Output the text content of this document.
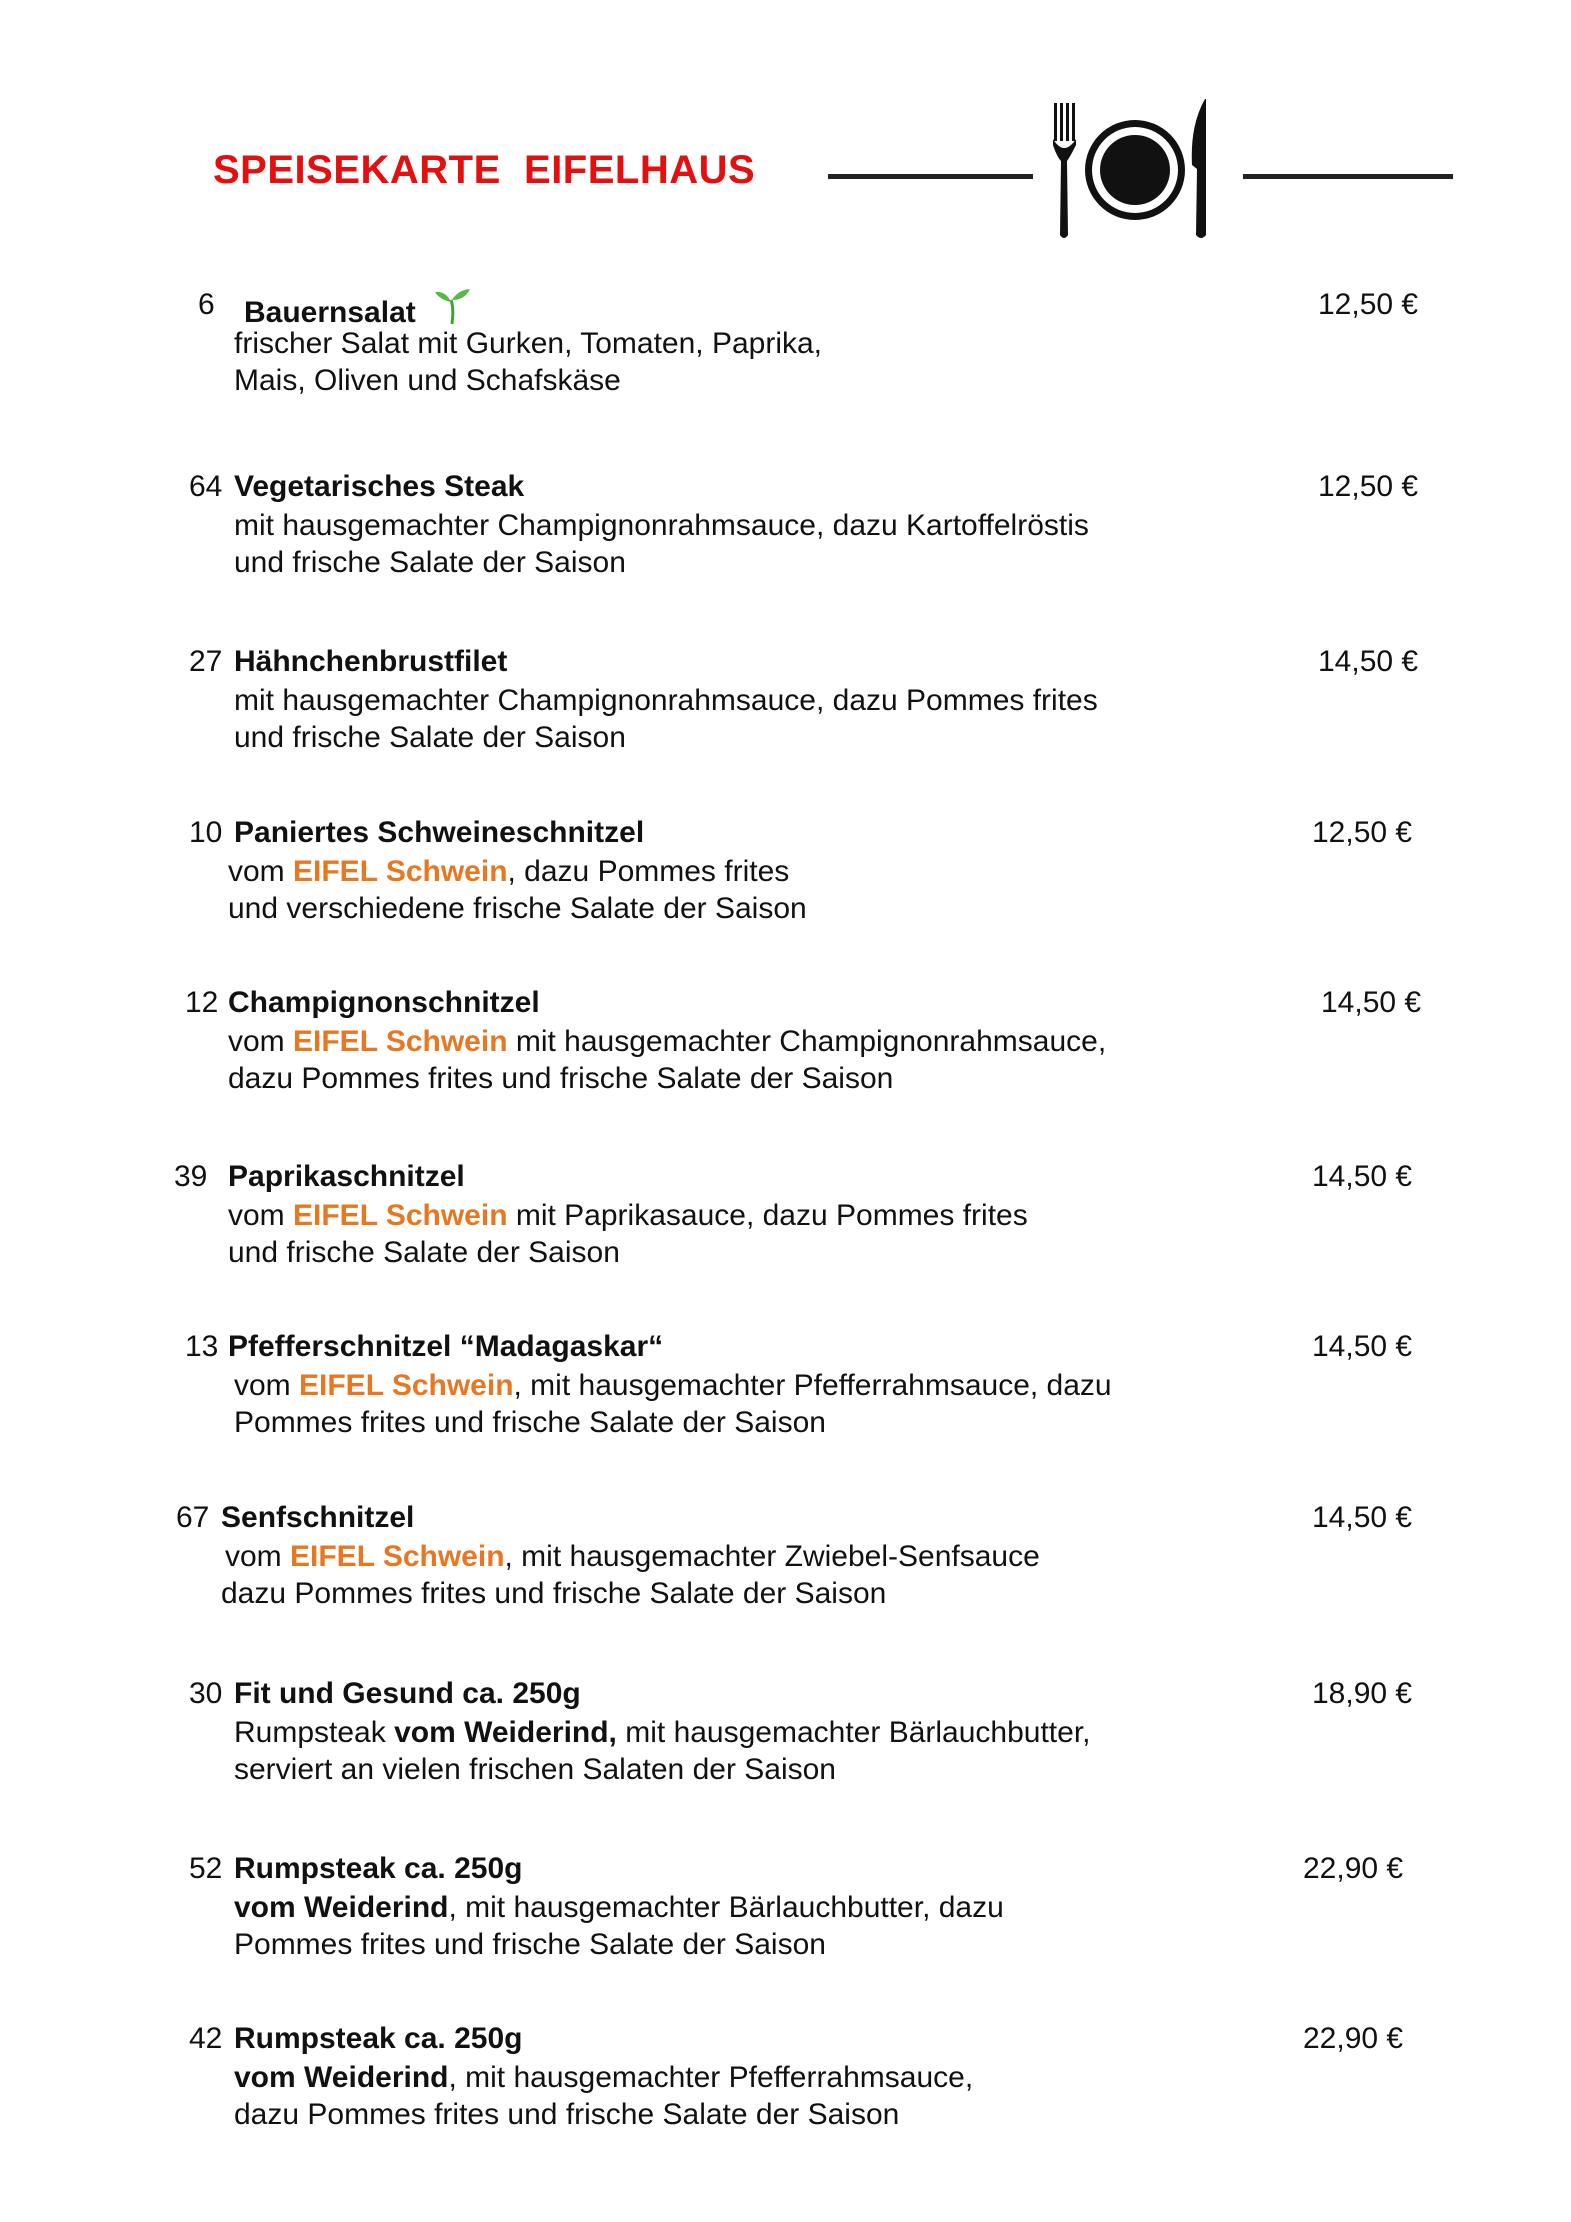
SPEISEKARTE  EIFELHAUS
6 Bauernsalat	12,50 €
frischer Salat mit Gurken, Tomaten, Paprika,
Mais, Oliven und Schafskäse
64 Vegetarisches Steak	12,50 €
mit hausgemachter Champignonrahmsauce, dazu Kartoffelröstis
und frische Salate der Saison
27 Hähnchenbrustfilet	14,50 €
mit hausgemachter Champignonrahmsauce, dazu Pommes frites
und frische Salate der Saison
10 Paniertes Schweineschnitzel	12,50 €
vom EIFEL Schwein, dazu Pommes frites
und verschiedene frische Salate der Saison
12 Champignonschnitzel	14,50 €
vom EIFEL Schwein mit hausgemachter Champignonrahmsauce,
dazu Pommes frites und frische Salate der Saison
39 Paprikaschnitzel	14,50 €
vom EIFEL Schwein mit Paprikasauce, dazu Pommes frites
und frische Salate der Saison
13 Pfefferschnitzel “Madagaskar“	14,50 €
vom EIFEL Schwein, mit hausgemachter Pfefferrahmsauce, dazu
Pommes frites und frische Salate der Saison
67 Senfschnitzel	14,50 €
vom EIFEL Schwein, mit hausgemachter Zwiebel-Senfsauce
dazu Pommes frites und frische Salate der Saison
30 Fit und Gesund ca. 250g	18,90 €
Rumpsteak vom Weiderind, mit hausgemachter Bärlauchbutter,
serviert an vielen frischen Salaten der Saison
52 Rumpsteak ca. 250g	22,90 €
vom Weiderind, mit hausgemachter Bärlauchbutter, dazu
Pommes frites und frische Salate der Saison
42 Rumpsteak ca. 250g	22,90 €
vom Weiderind, mit hausgemachter Pfefferrahmsauce,
dazu Pommes frites und frische Salate der Saison
